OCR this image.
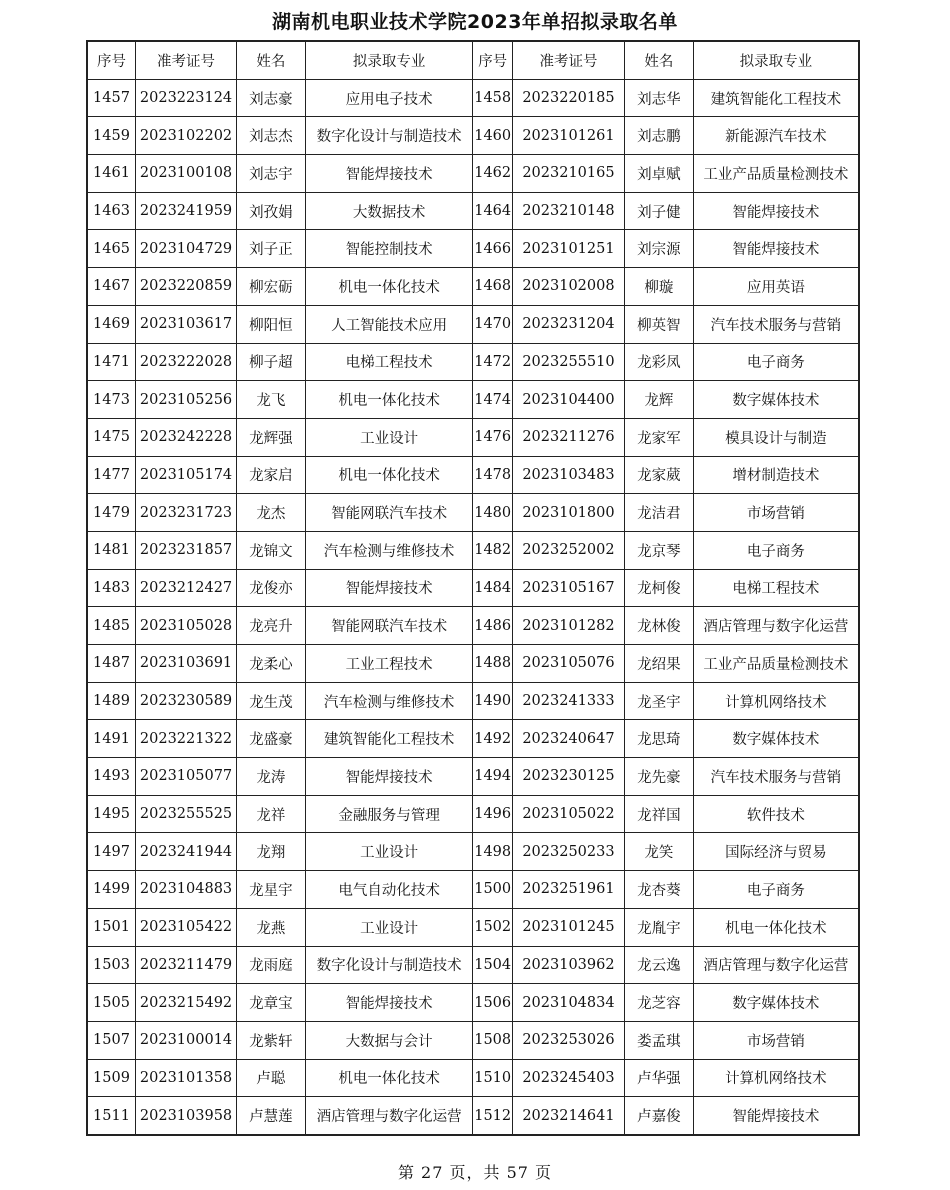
湖南机电职业技术学院2023年单招拟录取名单
序号	准考证号	姓名	拟录取专业	序号	准考证号	姓名	拟录取专业
1457	2023223124	刘志豪	应用电子技术	1458	2023220185	刘志华	建筑智能化工程技术
1459	2023102202	刘志杰	数字化设计与制造技术	1460	2023101261	刘志鹏	新能源汽车技术
1461	2023100108	刘志宇	智能焊接技术	1462	2023210165	刘卓赋	工业产品质量检测技术
1463	2023241959	刘孜娟	大数据技术	1464	2023210148	刘子健	智能焊接技术
1465	2023104729	刘子正	智能控制技术	1466	2023101251	刘宗源	智能焊接技术
1467	2023220859	柳宏砺	机电一体化技术	1468	2023102008	柳璇	应用英语
1469	2023103617	柳阳恒	人工智能技术应用	1470	2023231204	柳英智	汽车技术服务与营销
1471	2023222028	柳子超	电梯工程技术	1472	2023255510	龙彩凤	电子商务
1473	2023105256	龙飞	机电一体化技术	1474	2023104400	龙辉	数字媒体技术
1475	2023242228	龙辉强	工业设计	1476	2023211276	龙家军	模具设计与制造
1477	2023105174	龙家启	机电一体化技术	1478	2023103483	龙家葳	增材制造技术
1479	2023231723	龙杰	智能网联汽车技术	1480	2023101800	龙洁君	市场营销
1481	2023231857	龙锦文	汽车检测与维修技术	1482	2023252002	龙京琴	电子商务
1483	2023212427	龙俊亦	智能焊接技术	1484	2023105167	龙柯俊	电梯工程技术
1485	2023105028	龙亮升	智能网联汽车技术	1486	2023101282	龙林俊	酒店管理与数字化运营
1487	2023103691	龙柔心	工业工程技术	1488	2023105076	龙绍果	工业产品质量检测技术
1489	2023230589	龙生茂	汽车检测与维修技术	1490	2023241333	龙圣宇	计算机网络技术
1491	2023221322	龙盛豪	建筑智能化工程技术	1492	2023240647	龙思琦	数字媒体技术
1493	2023105077	龙涛	智能焊接技术	1494	2023230125	龙先豪	汽车技术服务与营销
1495	2023255525	龙祥	金融服务与管理	1496	2023105022	龙祥国	软件技术
1497	2023241944	龙翔	工业设计	1498	2023250233	龙笑	国际经济与贸易
1499	2023104883	龙星宇	电气自动化技术	1500	2023251961	龙杏葵	电子商务
1501	2023105422	龙燕	工业设计	1502	2023101245	龙胤宇	机电一体化技术
1503	2023211479	龙雨庭	数字化设计与制造技术	1504	2023103962	龙云逸	酒店管理与数字化运营
1505	2023215492	龙章宝	智能焊接技术	1506	2023104834	龙芝容	数字媒体技术
1507	2023100014	龙紫轩	大数据与会计	1508	2023253026	娄孟琪	市场营销
1509	2023101358	卢聪	机电一体化技术	1510	2023245403	卢华强	计算机网络技术
1511	2023103958	卢慧莲	酒店管理与数字化运营	1512	2023214641	卢嘉俊	智能焊接技术
第 27 页，共 57 页
